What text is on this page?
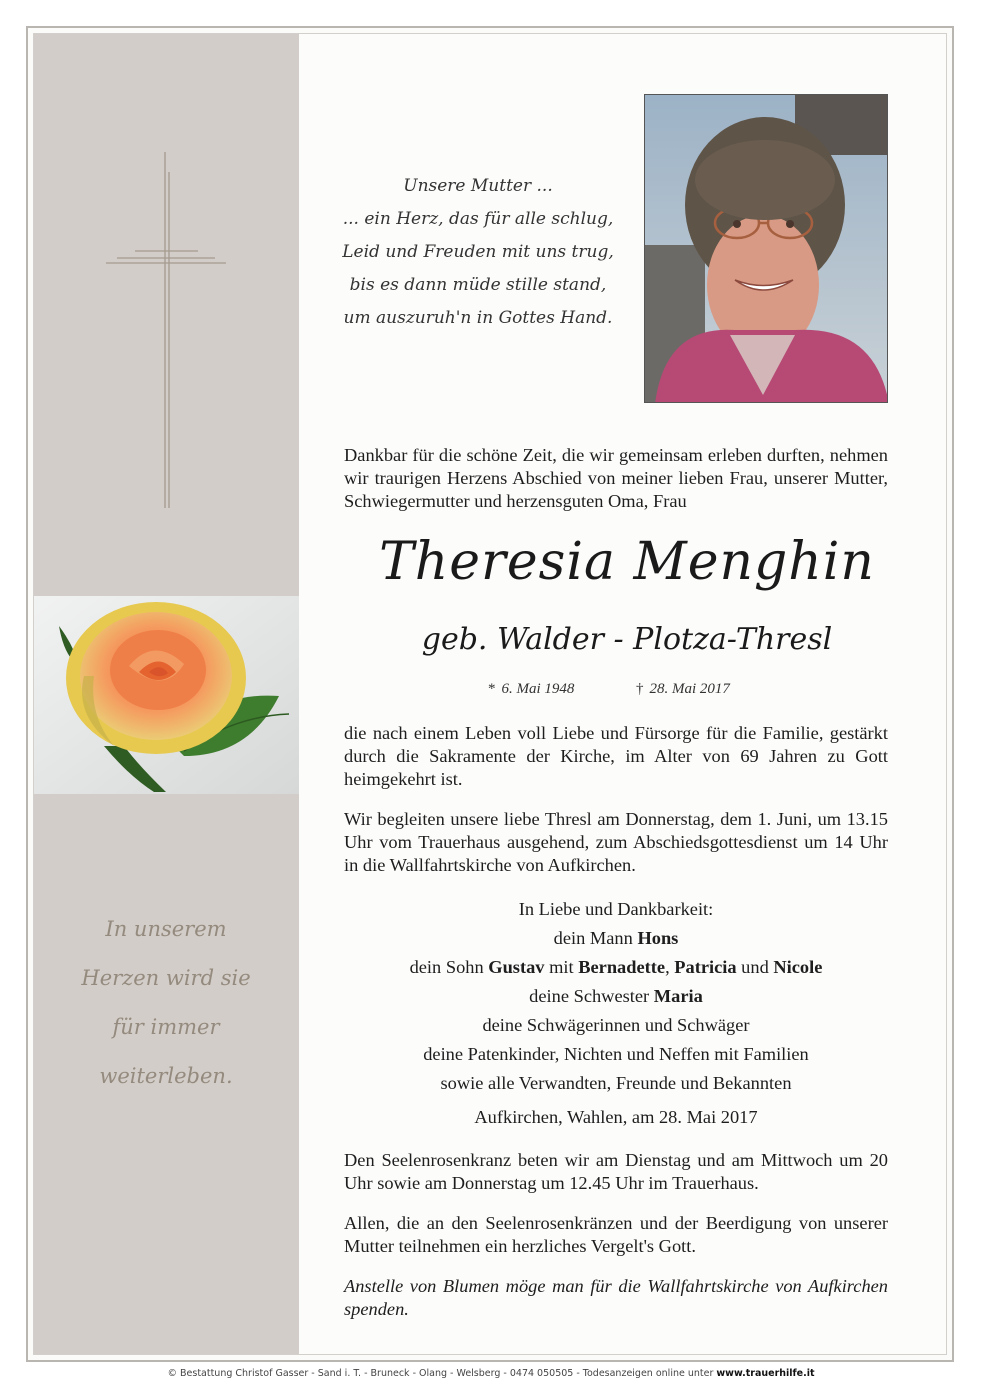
In unserem
Herzen wird sie
für immer
weiterleben.
Unsere Mutter ...
... ein Herz, das für alle schlug,
Leid und Freuden mit uns trug,
bis es dann müde stille stand,
um auszuruh'n in Gottes Hand.

Dankbar für die schöne Zeit, die wir gemeinsam erleben durften, nehmen wir traurigen Herzens Abschied von meiner lieben Frau, unserer Mutter, Schwiegermutter und herzensguten Oma, Frau

Theresia Menghin
geb. Walder - Plotza-Thresl
* 6. Mai 1948	† 28. Mai 2017

die nach einem Leben voll Liebe und Fürsorge für die Familie, gestärkt durch die Sakramente der Kirche, im Alter von 69 Jahren zu Gott heimgekehrt ist.

Wir begleiten unsere liebe Thresl am Donnerstag, dem 1. Juni, um 13.15 Uhr vom Trauerhaus ausgehend, zum Abschiedsgottesdienst um 14 Uhr in die Wallfahrtskirche von Aufkirchen.

In Liebe und Dankbarkeit:
dein Mann Hons
dein Sohn Gustav mit Bernadette, Patricia und Nicole
deine Schwester Maria
deine Schwägerinnen und Schwäger
deine Patenkinder, Nichten und Neffen mit Familien
sowie alle Verwandten, Freunde und Bekannten
Aufkirchen, Wahlen, am 28. Mai 2017

Den Seelenrosenkranz beten wir am Dienstag und am Mittwoch um 20 Uhr sowie am Donnerstag um 12.45 Uhr im Trauerhaus.

Allen, die an den Seelenrosenkränzen und der Beerdigung von unserer Mutter teilnehmen ein herzliches Vergelt's Gott.

Anstelle von Blumen möge man für die Wallfahrtskirche von Aufkirchen spenden.

© Bestattung Christof Gasser - Sand i. T. - Bruneck - Olang - Welsberg - 0474 050505 - Todesanzeigen online unter www.trauerhilfe.it
